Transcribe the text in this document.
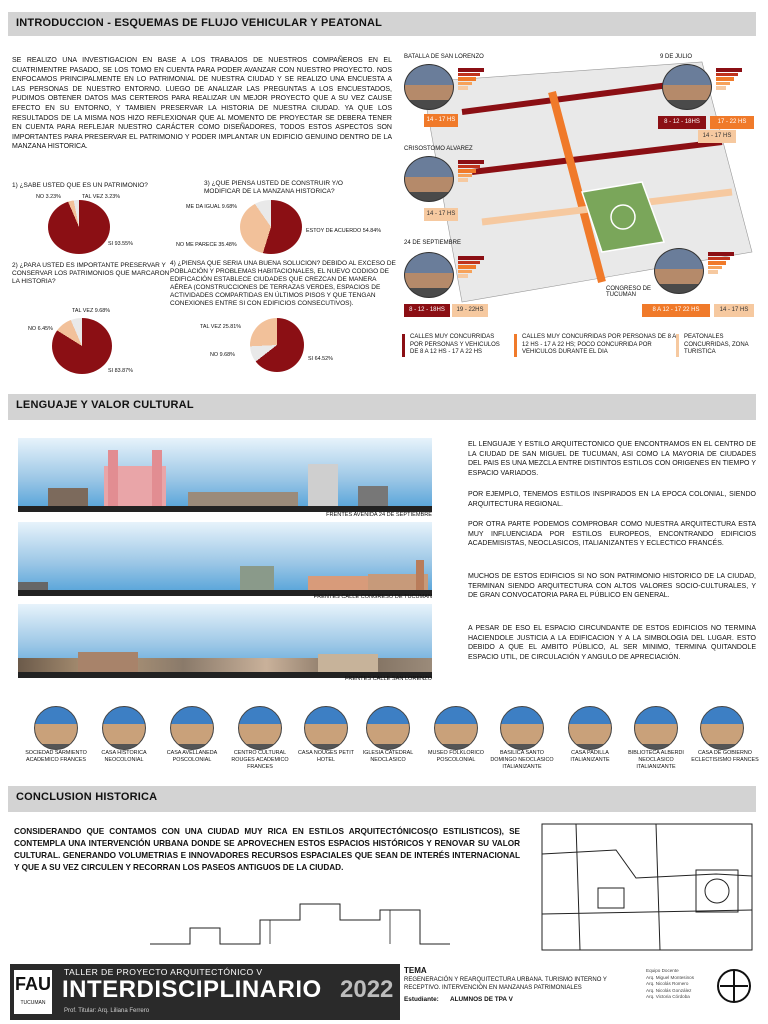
INTRODUCCION - ESQUEMAS DE FLUJO VEHICULAR Y PEATONAL
SE REALIZO UNA INVESTIGACION EN BASE A LOS TRABAJOS DE NUESTROS COMPAÑEROS EN EL CUATRIMENTRE PASADO, SE LOS TOMO EN CUENTA PARA PODER AVANZAR CON NUESTRO PROYECTO. NOS ENFOCAMOS PRINCIPALMENTE EN LO PATRIMONIAL DE NUESTRA CIUDAD Y SE REALIZO UNA ENCUESTA A LAS PERSONAS DE NUESTRO ENTORNO. LUEGO DE ANALIZAR LAS PREGUNTAS A LOS ENCUESTADOS, PUDIMOS OBTENER DATOS MAS CERTEROS PARA REALIZAR UN MEJOR PROYECTO QUE A SU VEZ CAUSE EFECTO EN SU ENTORNO, Y TAMBIEN PRESERVAR LA HISTORIA DE NUESTRA CIUDAD. YA QUE LOS RESULTADOS DE LA MISMA NOS HIZO REFLEXIONAR QUE AL MOMENTO DE PROYECTAR SE DEBERA TENER EN CUENTA PARA REFLEJAR NUESTRO CARÁCTER COMO DISEÑADORES, TODOS ESTOS ASPECTOS SON IMPORTANTES PARA PRESERVAR EL PATRIMONIO Y PODER IMPLANTAR UN EDIFICIO GENUINO DENTRO DE LA MANZANA HISTORICA.
1) ¿SABE USTED QUE ES UN PATRIMONIO?
NO 3.23%	TAL VEZ 3.23%
SI 93.55%
3) ¿QUE PIENSA USTED DE CONSTRUIR Y/O MODIFICAR DE LA MANZANA HISTORICA?
ME DA IGUAL 9.68%
ESTOY DE ACUERDO 54.84%
NO ME PARECE 35.48%
2) ¿PARA USTED ES IMPORTANTE PRESERVAR Y CONSERVAR LOS PATRIMONIOS QUE MARCARON LA HISTORIA?
NO 6.45%
TAL VEZ 9.68%
SI 83.87%
4) ¿PIENSA QUE SERIA UNA BUENA SOLUCION? DEBIDO AL EXCESO DE POBLACIÓN Y PROBLEMAS HABITACIONALES, EL NUEVO CODIGO DE EDIFICACIÓN ESTABLECE CIUDADES QUE CREZCAN DE MANERA AÉREA (CONSTRUCCIONES DE TERRAZAS VERDES, ESPACIOS DE ACTIVIDADES COMPARTIDAS EN ÚLTIMOS PISOS Y QUE TENGAN CONEXIONES ENTRE SI CON EDIFICIOS CONSECUTIVOS).
TAL VEZ 25.81%
NO 9.68%
SI 64.52%
BATALLA DE SAN LORENZO	9 DE JULIO
CRISOSTOMO ALVAREZ
24 DE SEPTIEMBRE
CONGRESO DE TUCUMAN
14 - 17 HS	8 - 12 - 18HS	17 - 22 HS
14 - 17 HS
14 - 17 HS
8 - 12 - 18HS	19 - 22HS	8 A 12 - 17 22 HS	14 - 17 HS
CALLES MUY CONCURRIDAS POR PERSONAS Y VEHICULOS DE 8 A 12 HS - 17 A 22 HS
CALLES MUY CONCURRIDAS POR PERSONAS DE 8 A 12 HS - 17 A 22 HS; POCO CONCURRIDA POR VEHICULOS DURANTE EL DIA
PEATONALES CONCURRIDAS, ZONA TURISTICA
LENGUAJE Y VALOR CULTURAL
FRENTES AVENIDA 24 DE SEPTIEMBRE
FRENTES CALLE CONGRESO DE TUCUMAN
FRENTES CALLE SAN LORENZO
EL LENGUAJE Y ESTILO ARQUITECTONICO QUE ENCONTRAMOS EN EL CENTRO DE LA CIUDAD DE SAN MIGUEL DE TUCUMAN, ASI COMO LA MAYORIA DE CIUDADES DEL PAIS ES UNA MEZCLA ENTRE DISTINTOS ESTILOS CON ORIGENES EN TIEMPO Y ESPACIO VARIADOS.
POR EJEMPLO, TENEMOS ESTILOS INSPIRADOS EN LA EPOCA COLONIAL, SIENDO ARQUITECTURA REGIONAL.
POR OTRA PARTE PODEMOS COMPROBAR COMO NUESTRA ARQUITECTURA ESTA MUY INFLUENCIADA POR ESTILOS EUROPEOS, ENCONTRANDO EDIFICIOS ACADEMISISTAS, NEOCLASICOS, ITALIANIZANTES Y ECLECTICO FRANCÉS.
MUCHOS DE ESTOS EDIFICIOS SI NO SON PATRIMONIO HISTORICO DE LA CIUDAD, TERMINAN SIENDO ARQUITECTURA CON ALTOS VALORES SOCIO-CULTURALES, Y DE GRAN CONVOCATORIA PARA EL PÚBLICO EN GENERAL.
A PESAR DE ESO EL ESPACIO CIRCUNDANTE DE ESTOS EDIFICIOS NO TERMINA HACIENDOLE JUSTICIA A LA EDIFICACION Y A LA SIMBOLOGIA DEL LUGAR. ESTO DEBIDO A QUE EL AMBITO PÚBLICO, AL SER MINIMO, TERMINA QUITANDOLE ESPACIO UTIL, DE CIRCULACIÓN Y ANGULO DE APRECIACIÓN.
SOCIEDAD SARMIENTO ACADEMICO FRANCES
CASA HISTORICA NEOCOLONIAL
CASA AVELLANEDA POSCOLONIAL
CENTRO CULTURAL ROUGES ACADEMICO FRANCES
CASA NOUGES PETIT HOTEL
IGLESIA CATEDRAL NEOCLASICO
MUSEO FOLKLORICO POSCOLONIAL
BASILICA SANTO DOMINGO NEOCLASICO ITALIANIZANTE
CASA PADILLA ITALIANIZANTE
BIBLIOTECA ALBERDI NEOCLASICO ITALIANIZANTE
CASA DE GOBIERNO ECLECTISISMO FRANCES
CONCLUSION HISTORICA
CONSIDERANDO QUE CONTAMOS CON UNA CIUDAD MUY RICA EN ESTILOS ARQUITECTÓNICOS(O ESTILISTICOS), SE CONTEMPLA UNA INTERVENCIÓN URBANA DONDE SE APROVECHEN ESTOS ESPACIOS HISTÓRICOS Y RENOVAR SU VALOR CULTURAL. GENERANDO VOLUMETRIAS E INNOVADORES RECURSOS ESPACIALES QUE SEAN DE INTERÉS INTERNACIONAL Y QUE A SU VEZ CIRCULEN Y RECORRAN LOS PASEOS ANTIGUOS DE LA CIUDAD.
FAU
TUCUMAN
TALLER DE PROYECTO ARQUITECTÓNICO V
INTERDISCIPLINARIO 2022
Prof. Titular: Arq. Liliana Ferrero
TEMA
REGENERACIÓN Y REARQUITECTURA URBANA. TURISMO INTERNO Y RECEPTIVO. INTERVENCIÓN EN MANZANAS PATRIMONIALES
Estudiante: ALUMNOS DE TPA V
Equipo Docente
Arq. Miguel Montesinos
Arq. Nicolás Romero
Arq. Nicolás González
Arq. Victoria Córdoba
